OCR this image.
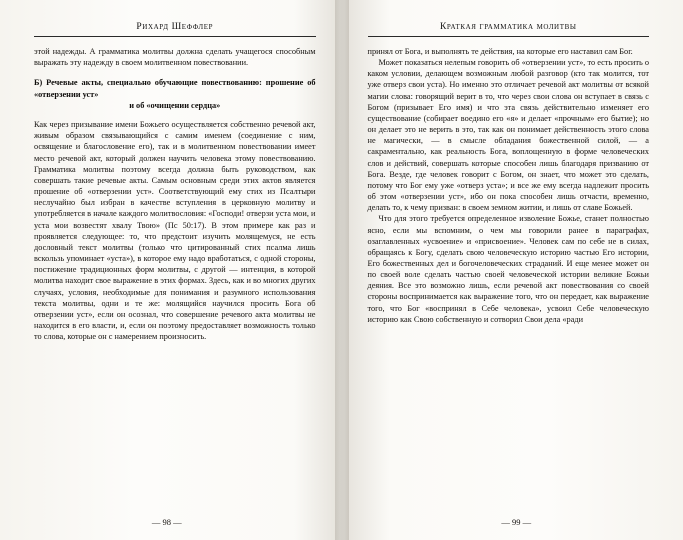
Рихард Шеффлер

этой надежды. А грамматика молитвы должна сделать учащегося способным выражать эту надежду в своем молитвенном повествовании.

Б) Речевые акты, специально обучающие повествованию: прошение об «отверзении уст»
и об «очищении сердца»

Как через призывание имени Божьего осуществляется собственно речевой акт, живым образом связывающийся с самим именем (соединение с ним, освящение и благословение его), так и в молитвенном повествовании имеет место речевой акт, который должен научить человека этому повествованию. Грамматика молитвы поэтому всегда должна быть руководством, как совершать такие речевые акты. Самым основным среди этих актов является прошение об «отверзении уст». Соответствующий ему стих из Псалтыри неслучайно был избран в качестве вступления в церковную молитву и употребляется в начале каждого молитвословия: «Господи! отверзи уста мои, и уста мои возвестят хвалу Твою» (Пс 50:17). В этом примере как раз и проявляется следующее: то, что предстоит изучить молящемуся, не есть дословный текст молитвы (только что цитированный стих псалма лишь вскользь упоминает «уста»), в которое ему надо вработаться, с одной стороны, постижение традиционных форм молитвы, с другой — интенция, в которой молитва находит свое выражение в этих формах. Здесь, как и во многих других случаях, условия, необходимые для понимания и разумного использования текста молитвы, одни и те же: молящийся научился просить Бога об отверзении уст», если он осознал, что совершение речевого акта молитвы не находится в его власти, и, если он поэтому предоставляет возможность только то слова, которые он с намерением произносить.

— 98 —
Краткая грамматика молитвы

принял от Бога, и выполнять те действия, на которые его наставил сам Бог.

Может показаться нелепым говорить об «отверзении уст», то есть просить о каком условии, делающем возможным любой разговор (кто так молится, тот уже отверз свои уста). Но именно это отличает речевой акт молитвы от всякой магии слова: говорящий верит в то, что через свои слова он вступает в связь с Богом (призывает Его имя) и что эта связь действительно изменяет его существование (собирает воедино его «я» и делает «прочным» его бытие); но он делает это не верить в это, так как он понимает действенность этого слова не магически, — в смысле обладания божественной силой, — а сакраментально, как реальность Бога, воплощенную в форме человеческих слов и действий, совершать которые способен лишь благодаря призванию от Бога. Везде, где человек говорит с Богом, он знает, что может это сделать, потому что Бог ему уже «отверз уста»; и все же ему всегда надлежит просить об этом «отверзении уст», ибо он пока способен лишь отчасти, временно, делать то, к чему призван: в своем земном житии, и лишь от славе Божьей.

Что для этого требуется определенное изволение Божье, станет полностью ясно, если мы вспомним, о чем мы говорили ранее в параграфах, озаглавленных «усвоение» и «присвоение». Человек сам по себе не в силах, обращаясь к Богу, сделать свою человеческую историю частью Его истории, Его божественных дел и богочеловеческих страданий. И еще менее может он по своей воле сделать частью своей человеческой истории великие Божьи деяния. Все это возможно лишь, если речевой акт повествования со своей стороны воспринимается как выражение того, что он передает, как выражение того, что Бог «воспринял в Себе человека», усвоил Себе человеческую историю как Свою собственную и сотворил Свои дела «ради

— 99 —
